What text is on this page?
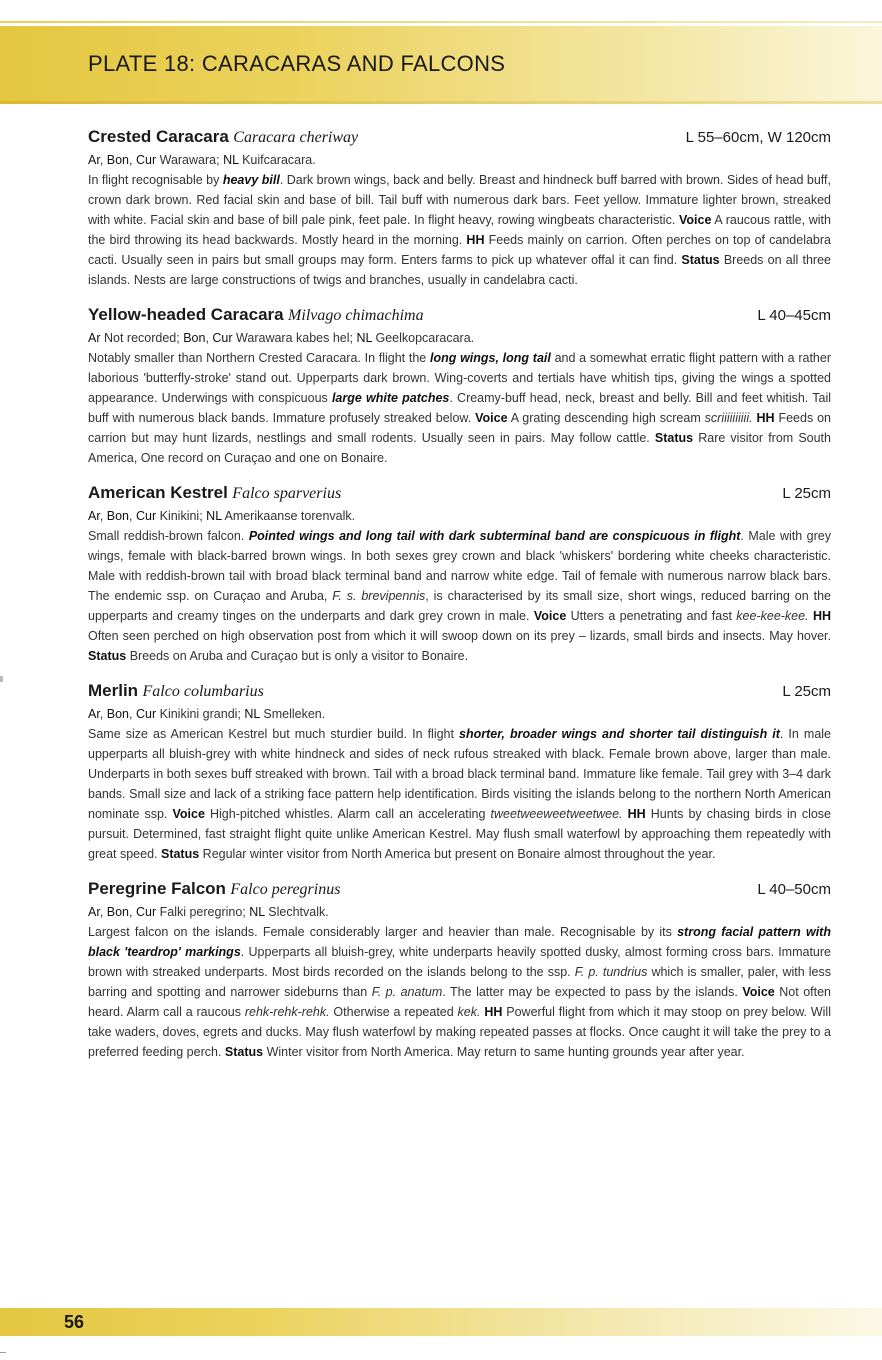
PLATE 18: CARACARAS AND FALCONS
Crested Caracara Caracara cheriway	L 55–60cm, W 120cm
Ar, Bon, Cur Warawara; NL Kuifcaracara.

In flight recognisable by heavy bill. Dark brown wings, back and belly. Breast and hindneck buff barred with brown. Sides of head buff, crown dark brown. Red facial skin and base of bill. Tail buff with numerous dark bars. Feet yellow. Immature lighter brown, streaked with white. Facial skin and base of bill pale pink, feet pale. In flight heavy, rowing wingbeats characteristic. Voice A raucous rattle, with the bird throwing its head backwards. Mostly heard in the morning. HH Feeds mainly on carrion. Often perches on top of candelabra cacti. Usually seen in pairs but small groups may form. Enters farms to pick up whatever offal it can find. Status Breeds on all three islands. Nests are large constructions of twigs and branches, usually in candelabra cacti.

Yellow-headed Caracara Milvago chimachima	L 40–45cm
Ar Not recorded; Bon, Cur Warawara kabes hel; NL Geelkopcaracara.

Notably smaller than Northern Crested Caracara. In flight the long wings, long tail and a somewhat erratic flight pattern with a rather laborious 'butterfly-stroke' stand out. Upperparts dark brown. Wing-coverts and tertials have whitish tips, giving the wings a spotted appearance. Underwings with conspicuous large white patches. Creamy-buff head, neck, breast and belly. Bill and feet whitish. Tail buff with numerous black bands. Immature profusely streaked below. Voice A grating descending high scream scriiiiiiiiii. HH Feeds on carrion but may hunt lizards, nestlings and small rodents. Usually seen in pairs. May follow cattle. Status Rare visitor from South America, One record on Curaçao and one on Bonaire.

American Kestrel Falco sparverius	L 25cm
Ar, Bon, Cur Kinikini; NL Amerikaanse torenvalk.

Small reddish-brown falcon. Pointed wings and long tail with dark subterminal band are conspicuous in flight. Male with grey wings, female with black-barred brown wings. In both sexes grey crown and black 'whiskers' bordering white cheeks characteristic. Male with reddish-brown tail with broad black terminal band and narrow white edge. Tail of female with numerous narrow black bars. The endemic ssp. on Curaçao and Aruba, F. s. brevipennis, is characterised by its small size, short wings, reduced barring on the upperparts and creamy tinges on the underparts and dark grey crown in male. Voice Utters a penetrating and fast kee-kee-kee. HH Often seen perched on high observation post from which it will swoop down on its prey – lizards, small birds and insects. May hover. Status Breeds on Aruba and Curaçao but is only a visitor to Bonaire.

Merlin Falco columbarius	L 25cm
Ar, Bon, Cur Kinikini grandi; NL Smelleken.

Same size as American Kestrel but much sturdier build. In flight shorter, broader wings and shorter tail distinguish it. In male upperparts all bluish-grey with white hindneck and sides of neck rufous streaked with black. Female brown above, larger than male. Underparts in both sexes buff streaked with brown. Tail with a broad black terminal band. Immature like female. Tail grey with 3–4 dark bands. Small size and lack of a striking face pattern help identification. Birds visiting the islands belong to the northern North American nominate ssp. Voice High-pitched whistles. Alarm call an accelerating tweetweeweetweetwee. HH Hunts by chasing birds in close pursuit. Determined, fast straight flight quite unlike American Kestrel. May flush small waterfowl by approaching them repeatedly with great speed. Status Regular winter visitor from North America but present on Bonaire almost throughout the year.

Peregrine Falcon Falco peregrinus	L 40–50cm
Ar, Bon, Cur Falki peregrino; NL Slechtvalk.

Largest falcon on the islands. Female considerably larger and heavier than male. Recognisable by its strong facial pattern with black 'teardrop' markings. Upperparts all bluish-grey, white underparts heavily spotted dusky, almost forming cross bars. Immature brown with streaked underparts. Most birds recorded on the islands belong to the ssp. F. p. tundrius which is smaller, paler, with less barring and spotting and narrower sideburns than F. p. anatum. The latter may be expected to pass by the islands. Voice Not often heard. Alarm call a raucous rehk-rehk-rehk. Otherwise a repeated kek. HH Powerful flight from which it may stoop on prey below. Will take waders, doves, egrets and ducks. May flush waterfowl by making repeated passes at flocks. Once caught it will take the prey to a preferred feeding perch. Status Winter visitor from North America. May return to same hunting grounds year after year.

56
